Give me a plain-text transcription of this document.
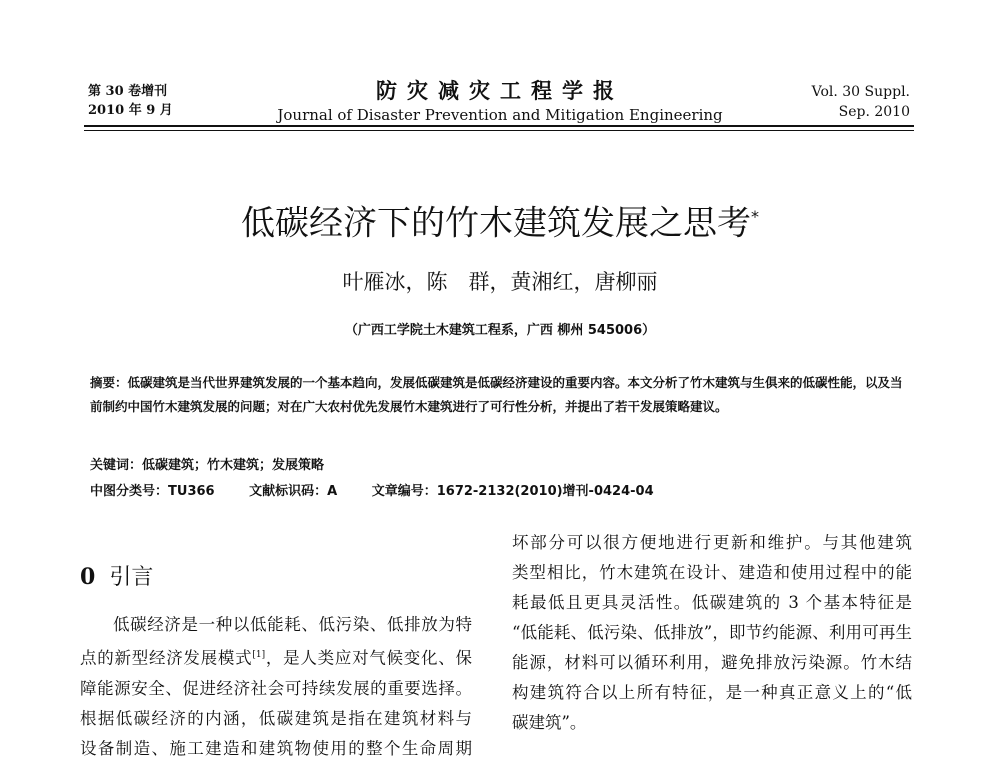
第 30 卷增刊
2010 年 9 月
防灾减灾工程学报
Journal of Disaster Prevention and Mitigation Engineering
Vol. 30 Suppl.
Sep. 2010
低碳经济下的竹木建筑发展之思考*
叶雁冰，陈　群，黄湘红，唐柳丽
（广西工学院土木建筑工程系，广西 柳州 545006）
摘要：低碳建筑是当代世界建筑发展的一个基本趋向，发展低碳建筑是低碳经济建设的重要内容。本文分析了竹木建筑与生俱来的低碳性能，以及当前制约中国竹木建筑发展的问题；对在广大农村优先发展竹木建筑进行了可行性分析，并提出了若干发展策略建议。
关键词：低碳建筑；竹木建筑；发展策略
中图分类号：TU366	文献标识码：A	文章编号：1672-2132(2010)增刊-0424-04
0 引言

低碳经济是一种以低能耗、低污染、低排放为特

点的新型经济发展模式[1]，是人类应对气候变化、保

障能源安全、促进经济社会可持续发展的重要选择。

根据低碳经济的内涵，低碳建筑是指在建筑材料与

设备制造、施工建造和建筑物使用的整个生命周期

坏部分可以很方便地进行更新和维护。与其他建筑

类型相比，竹木建筑在设计、建造和使用过程中的能

耗最低且更具灵活性。低碳建筑的 3 个基本特征是

“低能耗、低污染、低排放”，即节约能源、利用可再生

能源，材料可以循环利用，避免排放污染源。竹木结

构建筑符合以上所有特征，是一种真正意义上的“低

碳建筑”。
